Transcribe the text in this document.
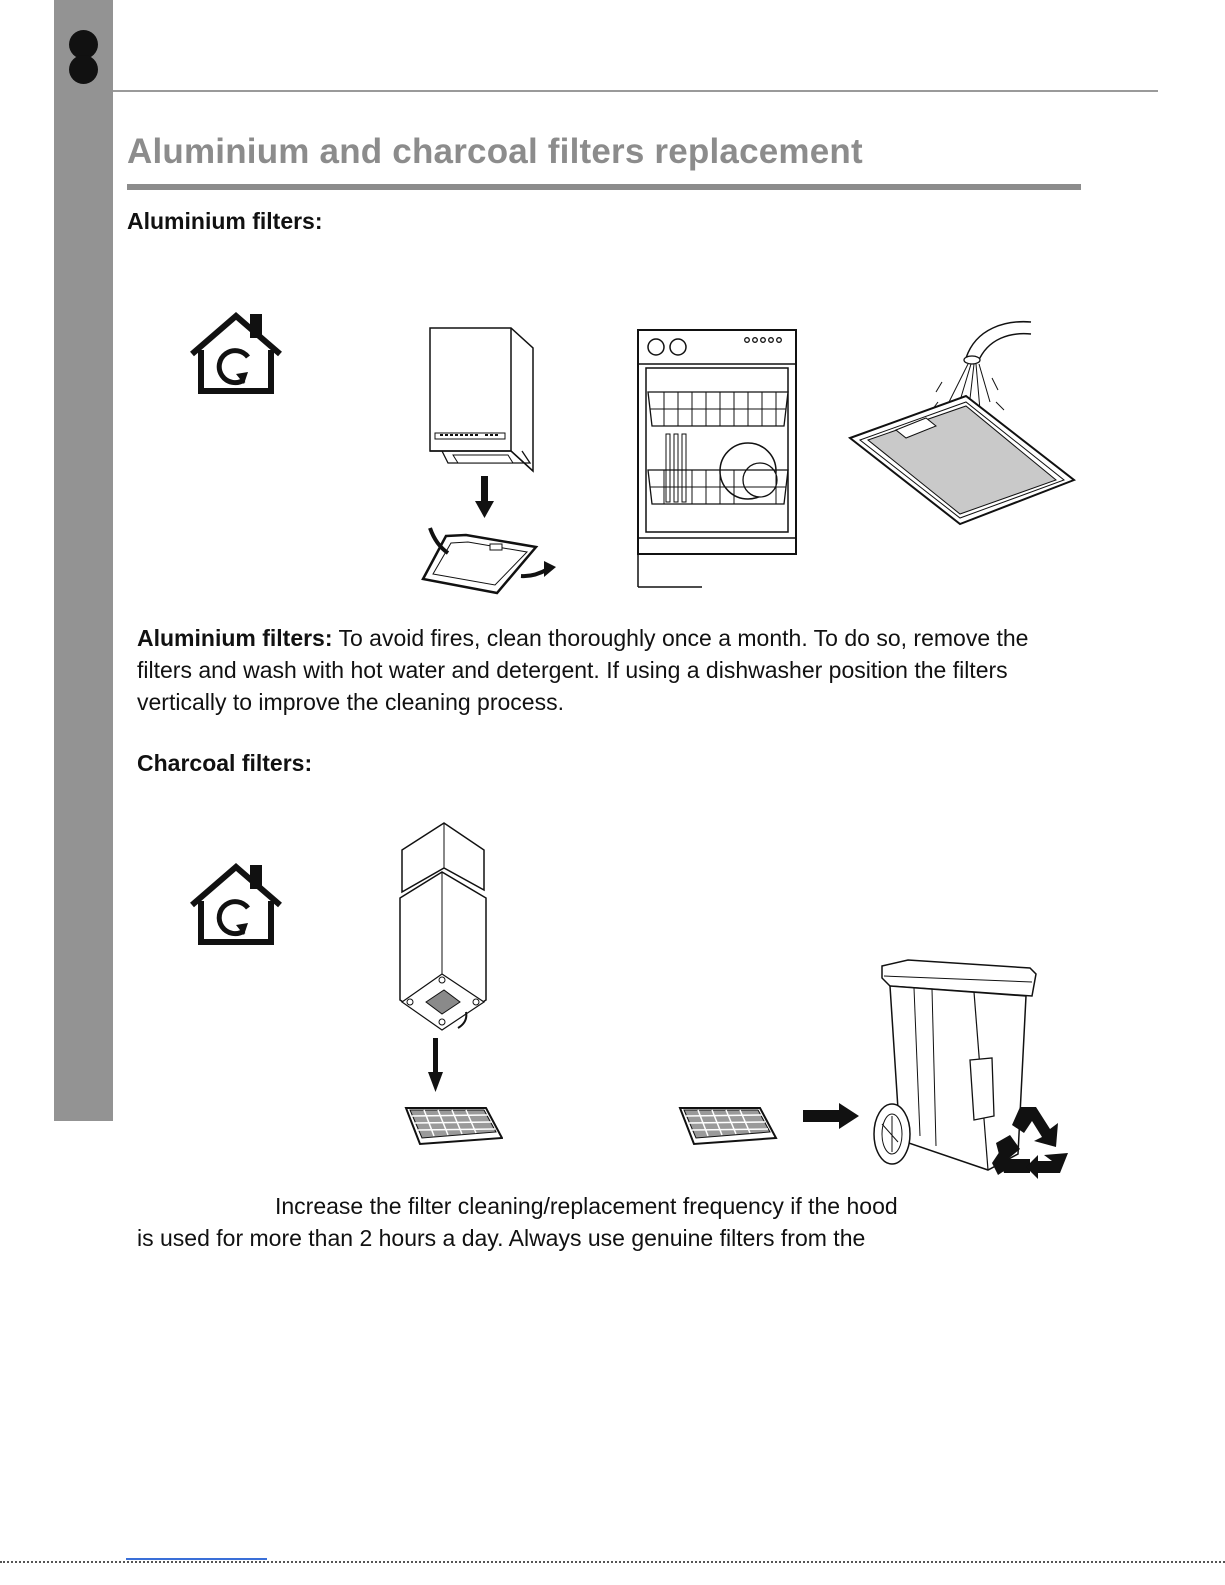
Aluminium and charcoal filters replacement
Aluminium filters:

Aluminium filters: To avoid fires, clean thoroughly once a month. To do so, remove the filters and wash with hot water and detergent. If using a dishwasher position the filters vertically to improve the cleaning process.

Charcoal filters:

Increase the filter cleaning/replacement frequency if the hood

is used for more than 2 hours a day. Always use genuine filters from the
